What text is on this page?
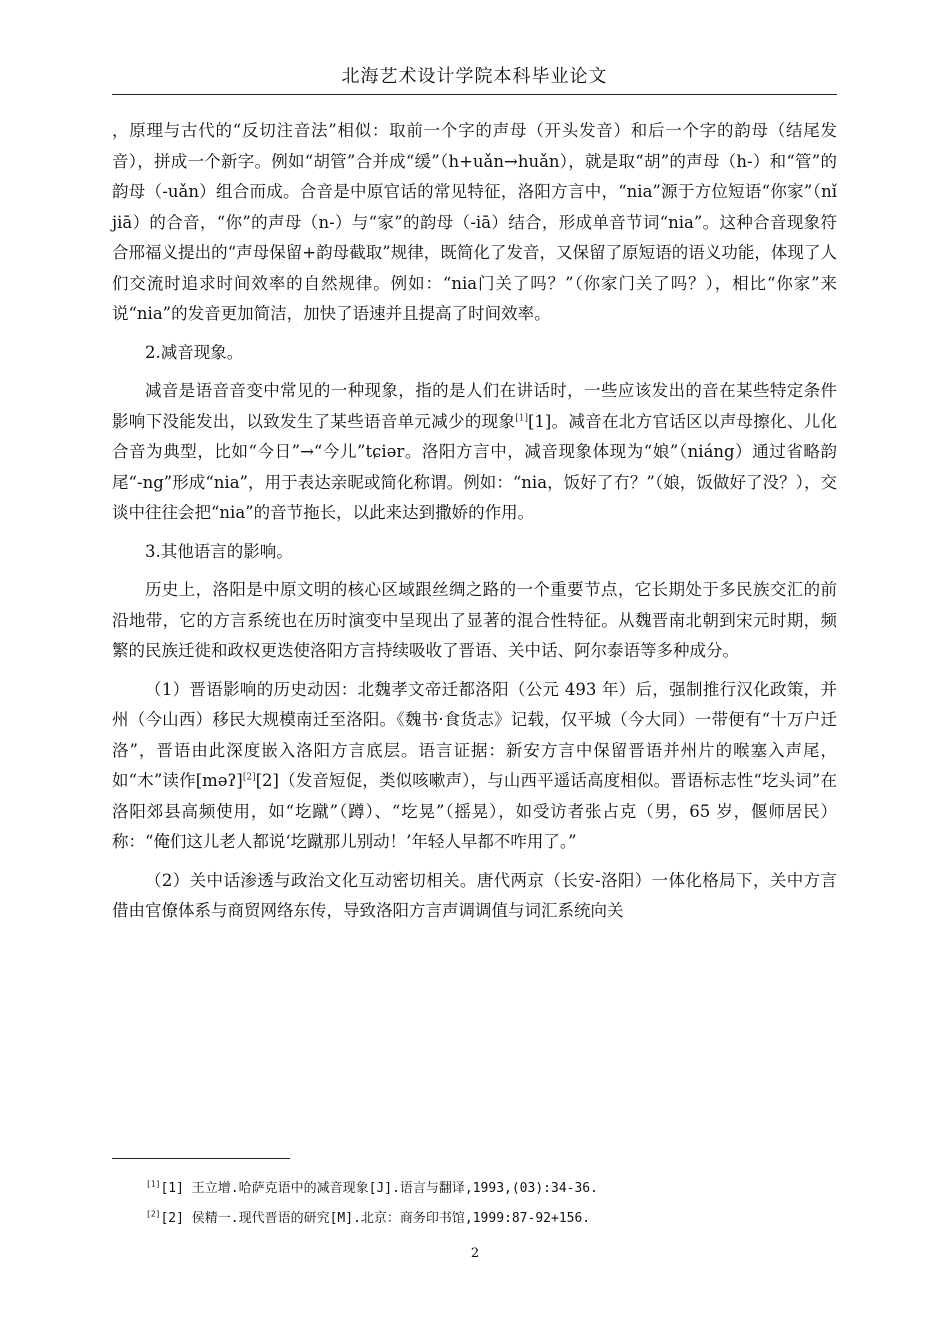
北海艺术设计学院本科毕业论文

，原理与古代的“反切注音法”相似：取前一个字的声母（开头发音）和后一个字的韵母（结尾发音），拼成一个新字。例如“胡管”合并成“缓”（h+uǎn→huǎn），就是取“胡”的声母（h-）和“管”的韵母（-uǎn）组合而成。合音是中原官话的常见特征，洛阳方言中，“nia”源于方位短语“你家”（nǐ jiā）的合音，“你”的声母（n-）与“家”的韵母（-iā）结合，形成单音节词“nia”。这种合音现象符合邢福义提出的“声母保留+韵母截取”规律，既简化了发音，又保留了原短语的语义功能，体现了人们交流时追求时间效率的自然规律。例如：“nia门关了吗？”（你家门关了吗？），相比“你家”来说“nia”的发音更加简洁，加快了语速并且提高了时间效率。

2.减音现象。

减音是语音音变中常见的一种现象，指的是人们在讲话时，一些应该发出的音在某些特定条件影响下没能发出，以致发生了某些语音单元减少的现象[1][1]。减音在北方官话区以声母擦化、儿化合音为典型，比如“今日”→“今儿”tɕiər。洛阳方言中，减音现象体现为“娘”（niáng）通过省略韵尾“-ng”形成“nia”，用于表达亲昵或简化称谓。例如：“nia，饭好了冇？”（娘，饭做好了没？），交谈中往往会把“nia”的音节拖长，以此来达到撒娇的作用。

3.其他语言的影响。

历史上，洛阳是中原文明的核心区域跟丝绸之路的一个重要节点，它长期处于多民族交汇的前沿地带，它的方言系统也在历时演变中呈现出了显著的混合性特征。从魏晋南北朝到宋元时期，频繁的民族迁徙和政权更迭使洛阳方言持续吸收了晋语、关中话、阿尔泰语等多种成分。

（1）晋语影响的历史动因：北魏孝文帝迁都洛阳（公元 493 年）后，强制推行汉化政策，并州（今山西）移民大规模南迁至洛阳。《魏书·食货志》记载，仅平城（今大同）一带便有“十万户迁洛”，晋语由此深度嵌入洛阳方言底层。语言证据：新安方言中保留晋语并州片的喉塞入声尾，如“木”读作[məʔ][2][2]（发音短促，类似咳嗽声），与山西平遥话高度相似。晋语标志性“圪头词”在洛阳郊县高频使用，如“圪蹴”（蹲）、“圪晃”（摇晃），如受访者张占克（男，65 岁，偃师居民）称：“俺们这儿老人都说‘圪蹴那儿别动！’年轻人早都不咋用了。”

（2）关中话渗透与政治文化互动密切相关。唐代两京（长安-洛阳）一体化格局下，关中方言借由官僚体系与商贸网络东传，导致洛阳方言声调调值与词汇系统向关

[1][1] 王立增.哈萨克语中的减音现象[J].语言与翻译,1993,(03):34-36.
[2][2] 侯精一.现代晋语的研究[M].北京：商务印书馆,1999:87-92+156.
2
